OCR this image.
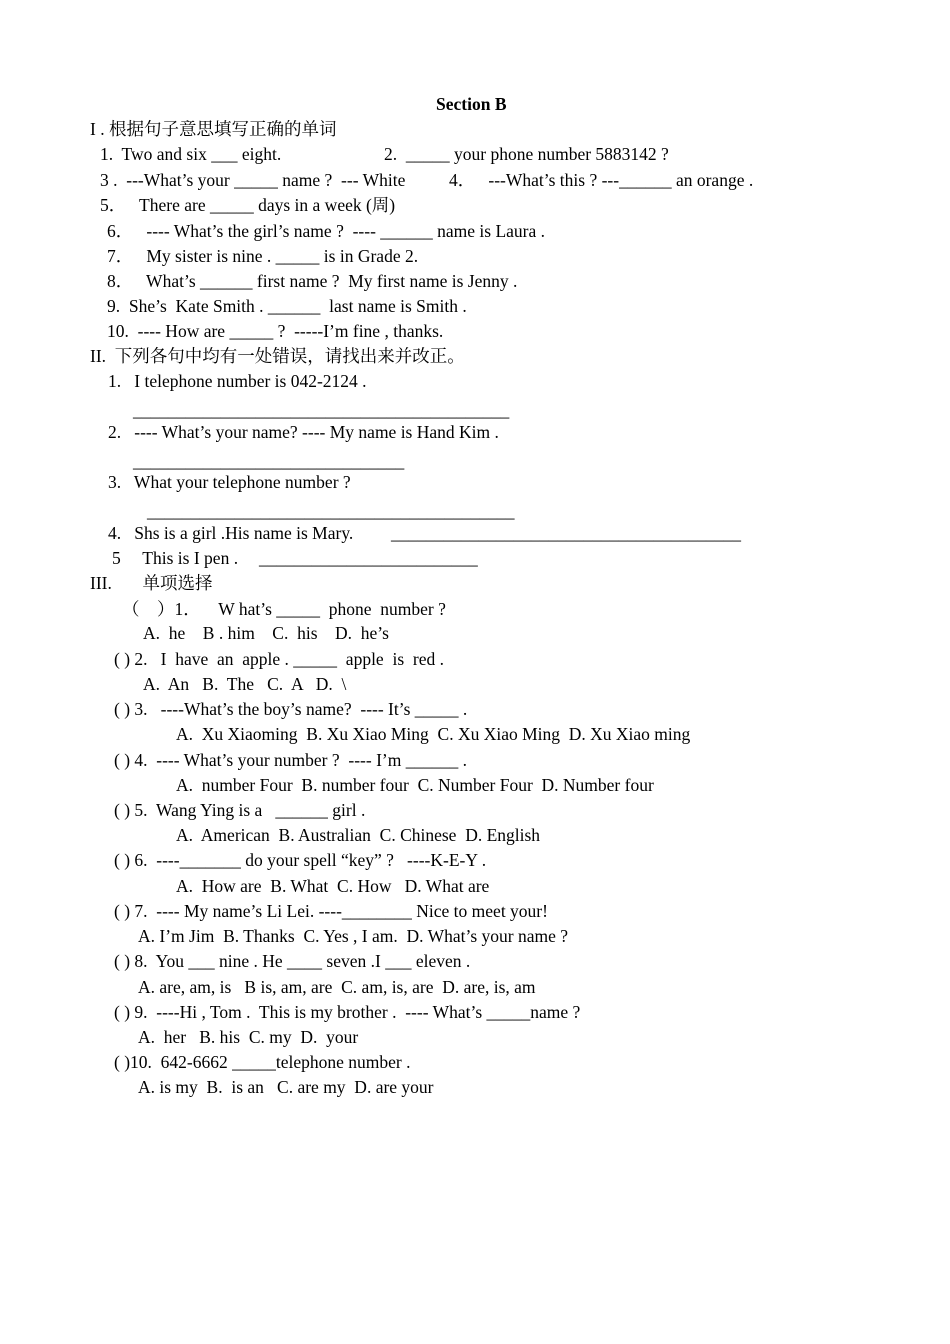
Section B
I . 根据句子意思填写正确的单词
1.  Two and six ___ eight.	2.  _____ your phone number 5883142 ?
3 .  ---What’s your _____ name ?  --- White 4．   ---What’s this ? ---______ an orange .
5．   There are _____ days in a week (周)
6．   ---- What’s the girl’s name ?  ---- ______ name is Laura .
7．   My sister is nine . _____ is in Grade 2.
8．   What’s ______ first name ?  My first name is Jenny .
9.  She’s  Kate Smith . ______  last name is Smith .
10.  ---- How are _____ ?  -----I’m fine , thanks.
II.  下列各句中均有一处错误，请找出来并改正。
1.   I telephone number is 042-2124 .
___________________________________________
2.   ---- What’s your name? ---- My name is Hand Kim .
_______________________________
3.   What your telephone number ?
__________________________________________
4.   Shs is a girl .His name is Mary. ________________________________________
5     This is I pen . _________________________
III.       单项选择
（    ）1．    W hat’s _____  phone  number ?
A.  he    B . him    C.  his    D.  he’s
( ) 2.   I  have  an  apple . _____  apple  is  red .
A.  An   B.  The   C.  A   D.  \
( ) 3.   ----What’s the boy’s name?  ---- It’s _____ .
A.  Xu Xiaoming  B. Xu Xiao Ming  C. Xu Xiao Ming  D. Xu Xiao ming
( ) 4.  ---- What’s your number ?  ---- I’m ______ .
A.  number Four  B. number four  C. Number Four  D. Number four
( ) 5.  Wang Ying is a   ______ girl .
A.  American  B. Australian  C. Chinese  D. English
( ) 6.  ----_______ do your spell “key” ?   ----K-E-Y .
A.  How are  B. What  C. How   D. What are
( ) 7.  ---- My name’s Li Lei. ----________ Nice to meet your!
A. I’m Jim  B. Thanks  C. Yes , I am.  D. What’s your name ?
( ) 8.  You ___ nine . He ____ seven .I ___ eleven .
A. are, am, is   B is, am, are  C. am, is, are  D. are, is, am
( ) 9.  ----Hi , Tom .  This is my brother .  ---- What’s _____name ?
A.  her   B. his  C. my  D.  your
( )10.  642-6662 _____telephone number .
A. is my  B.  is an   C. are my  D. are your
